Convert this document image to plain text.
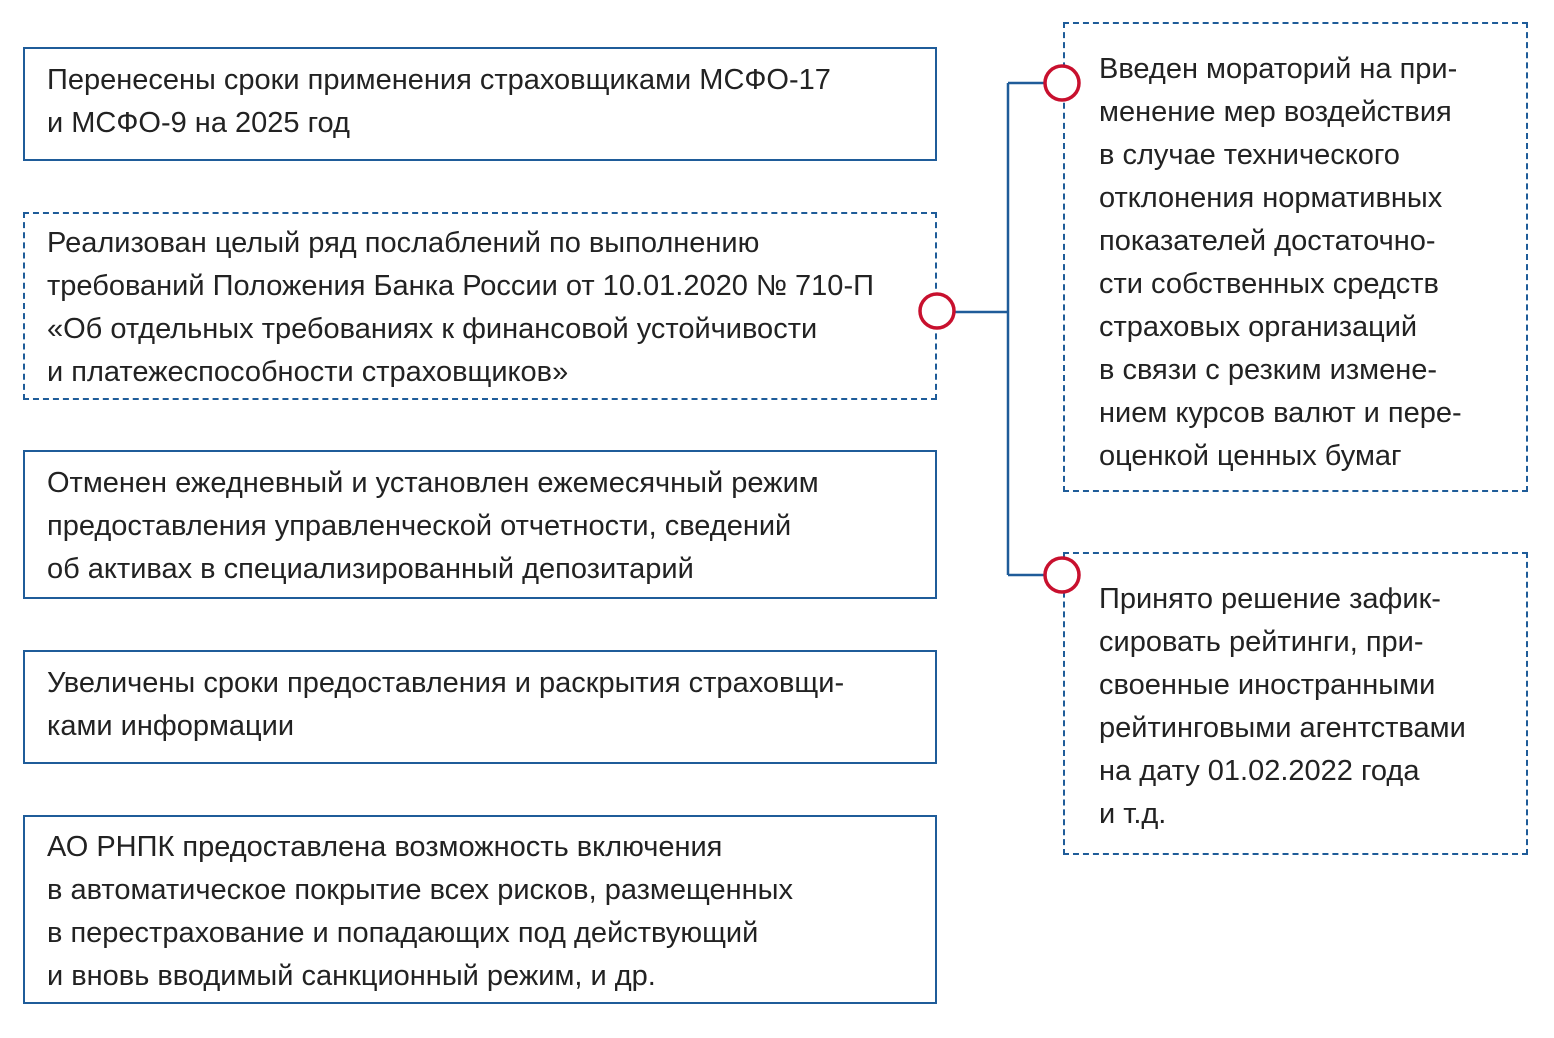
Перенесены сроки применения страховщиками МСФО-17
и МСФО-9 на 2025 год
Реализован целый ряд послаблений по выполнению
требований Положения Банка России от 10.01.2020 № 710-П
«Об отдельных требованиях к финансовой устойчивости
и платежеспособности страховщиков»
Отменен ежедневный и установлен ежемесячный режим
предоставления управленческой отчетности, сведений
об активах в специализированный депозитарий
Увеличены сроки предоставления и раскрытия страховщи-
ками информации
АО РНПК предоставлена возможность включения
в автоматическое покрытие всех рисков, размещенных
в перестрахование и попадающих под действующий
и вновь вводимый санкционный режим, и др.
Введен мораторий на при-
менение мер воздействия
в случае технического
отклонения нормативных
показателей достаточно-
сти собственных средств
страховых организаций
в связи с резким измене-
нием курсов валют и пере-
оценкой ценных бумаг
Принято решение зафик-
сировать рейтинги, при-
своенные иностранными
рейтинговыми агентствами
на дату 01.02.2022 года
и т.д.
